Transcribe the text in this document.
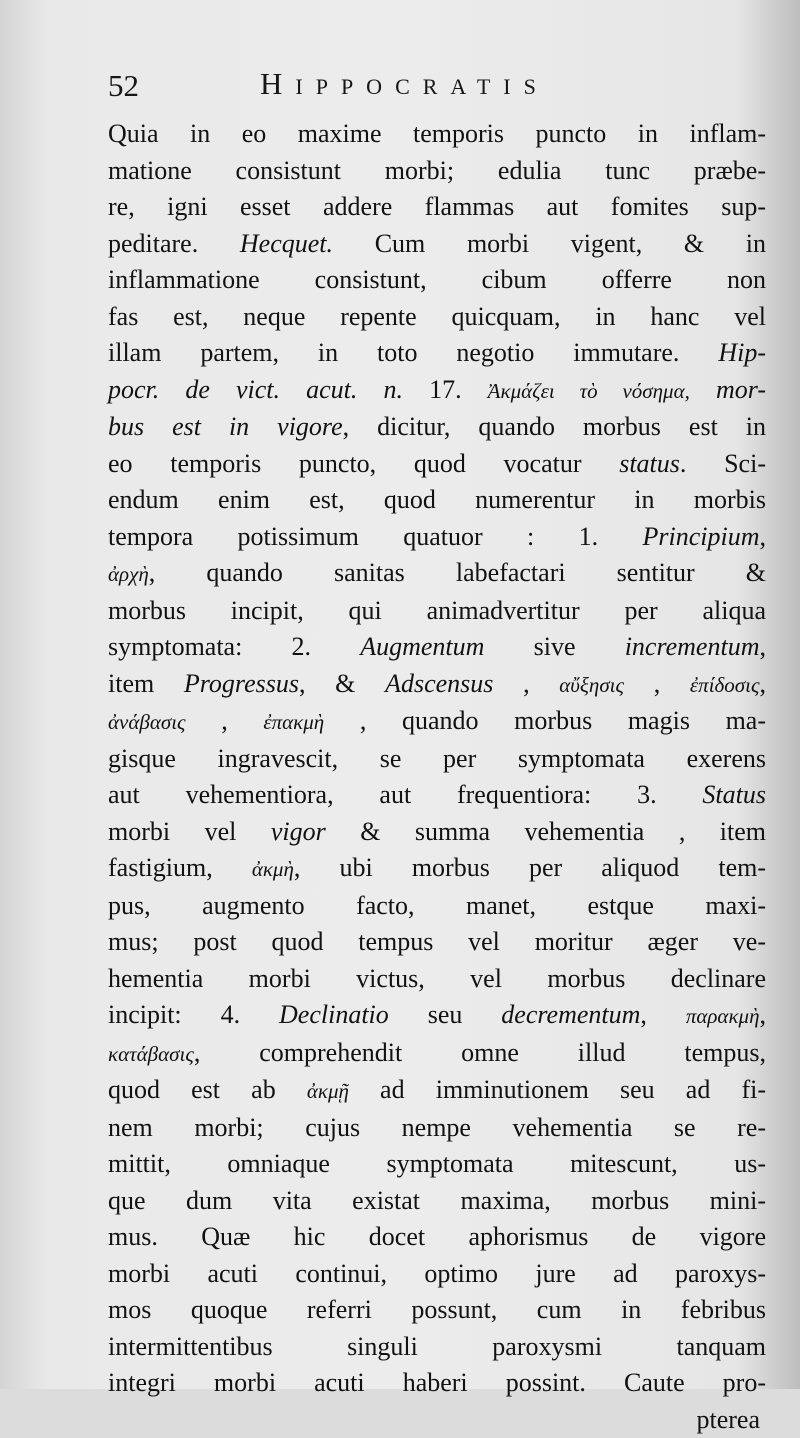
52	Hippocratis
Quia in eo maxime temporis puncto in inflam-
matione consistunt morbi; edulia tunc præbe-
re, igni esset addere flammas aut fomites sup-
peditare. Hecquet. Cum morbi vigent, & in
inflammatione consistunt, cibum offerre non
fas est, neque repente quicquam, in hanc vel
illam partem, in toto negotio immutare. Hip-
pocr. de vict. acut. n. 17. Ἀκμάζει τὸ νόσημα, mor-
bus est in vigore, dicitur, quando morbus est in
eo temporis puncto, quod vocatur status. Sci-
endum enim est, quod numerentur in morbis
tempora potissimum quatuor : 1. Principium,
ἀρχὴ, quando sanitas labefactari sentitur &
morbus incipit, qui animadvertitur per aliqua
symptomata: 2. Augmentum sive incrementum,
item Progressus, & Adscensus , αὔξησις , ἐπίδοσις,
ἀνάβασις , ἐπακμὴ , quando morbus magis ma-
gisque ingravescit, se per symptomata exerens
aut vehementiora, aut frequentiora: 3. Status
morbi vel vigor & summa vehementia , item
fastigium, ἀκμὴ, ubi morbus per aliquod tem-
pus, augmento facto, manet, estque maxi-
mus; post quod tempus vel moritur æger ve-
hementia morbi victus, vel morbus declinare
incipit: 4. Declinatio seu decrementum, παρακμὴ,
κατάβασις, comprehendit omne illud tempus,
quod est ab ἀκμῇ ad imminutionem seu ad fi-
nem morbi; cujus nempe vehementia se re-
mittit, omniaque symptomata mitescunt, us-
que dum vita existat maxima, morbus mini-
mus. Quæ hic docet aphorismus de vigore
morbi acuti continui, optimo jure ad paroxys-
mos quoque referri possunt, cum in febribus
intermittentibus singuli paroxysmi tanquam
integri morbi acuti haberi possint. Caute pro-
pterea
